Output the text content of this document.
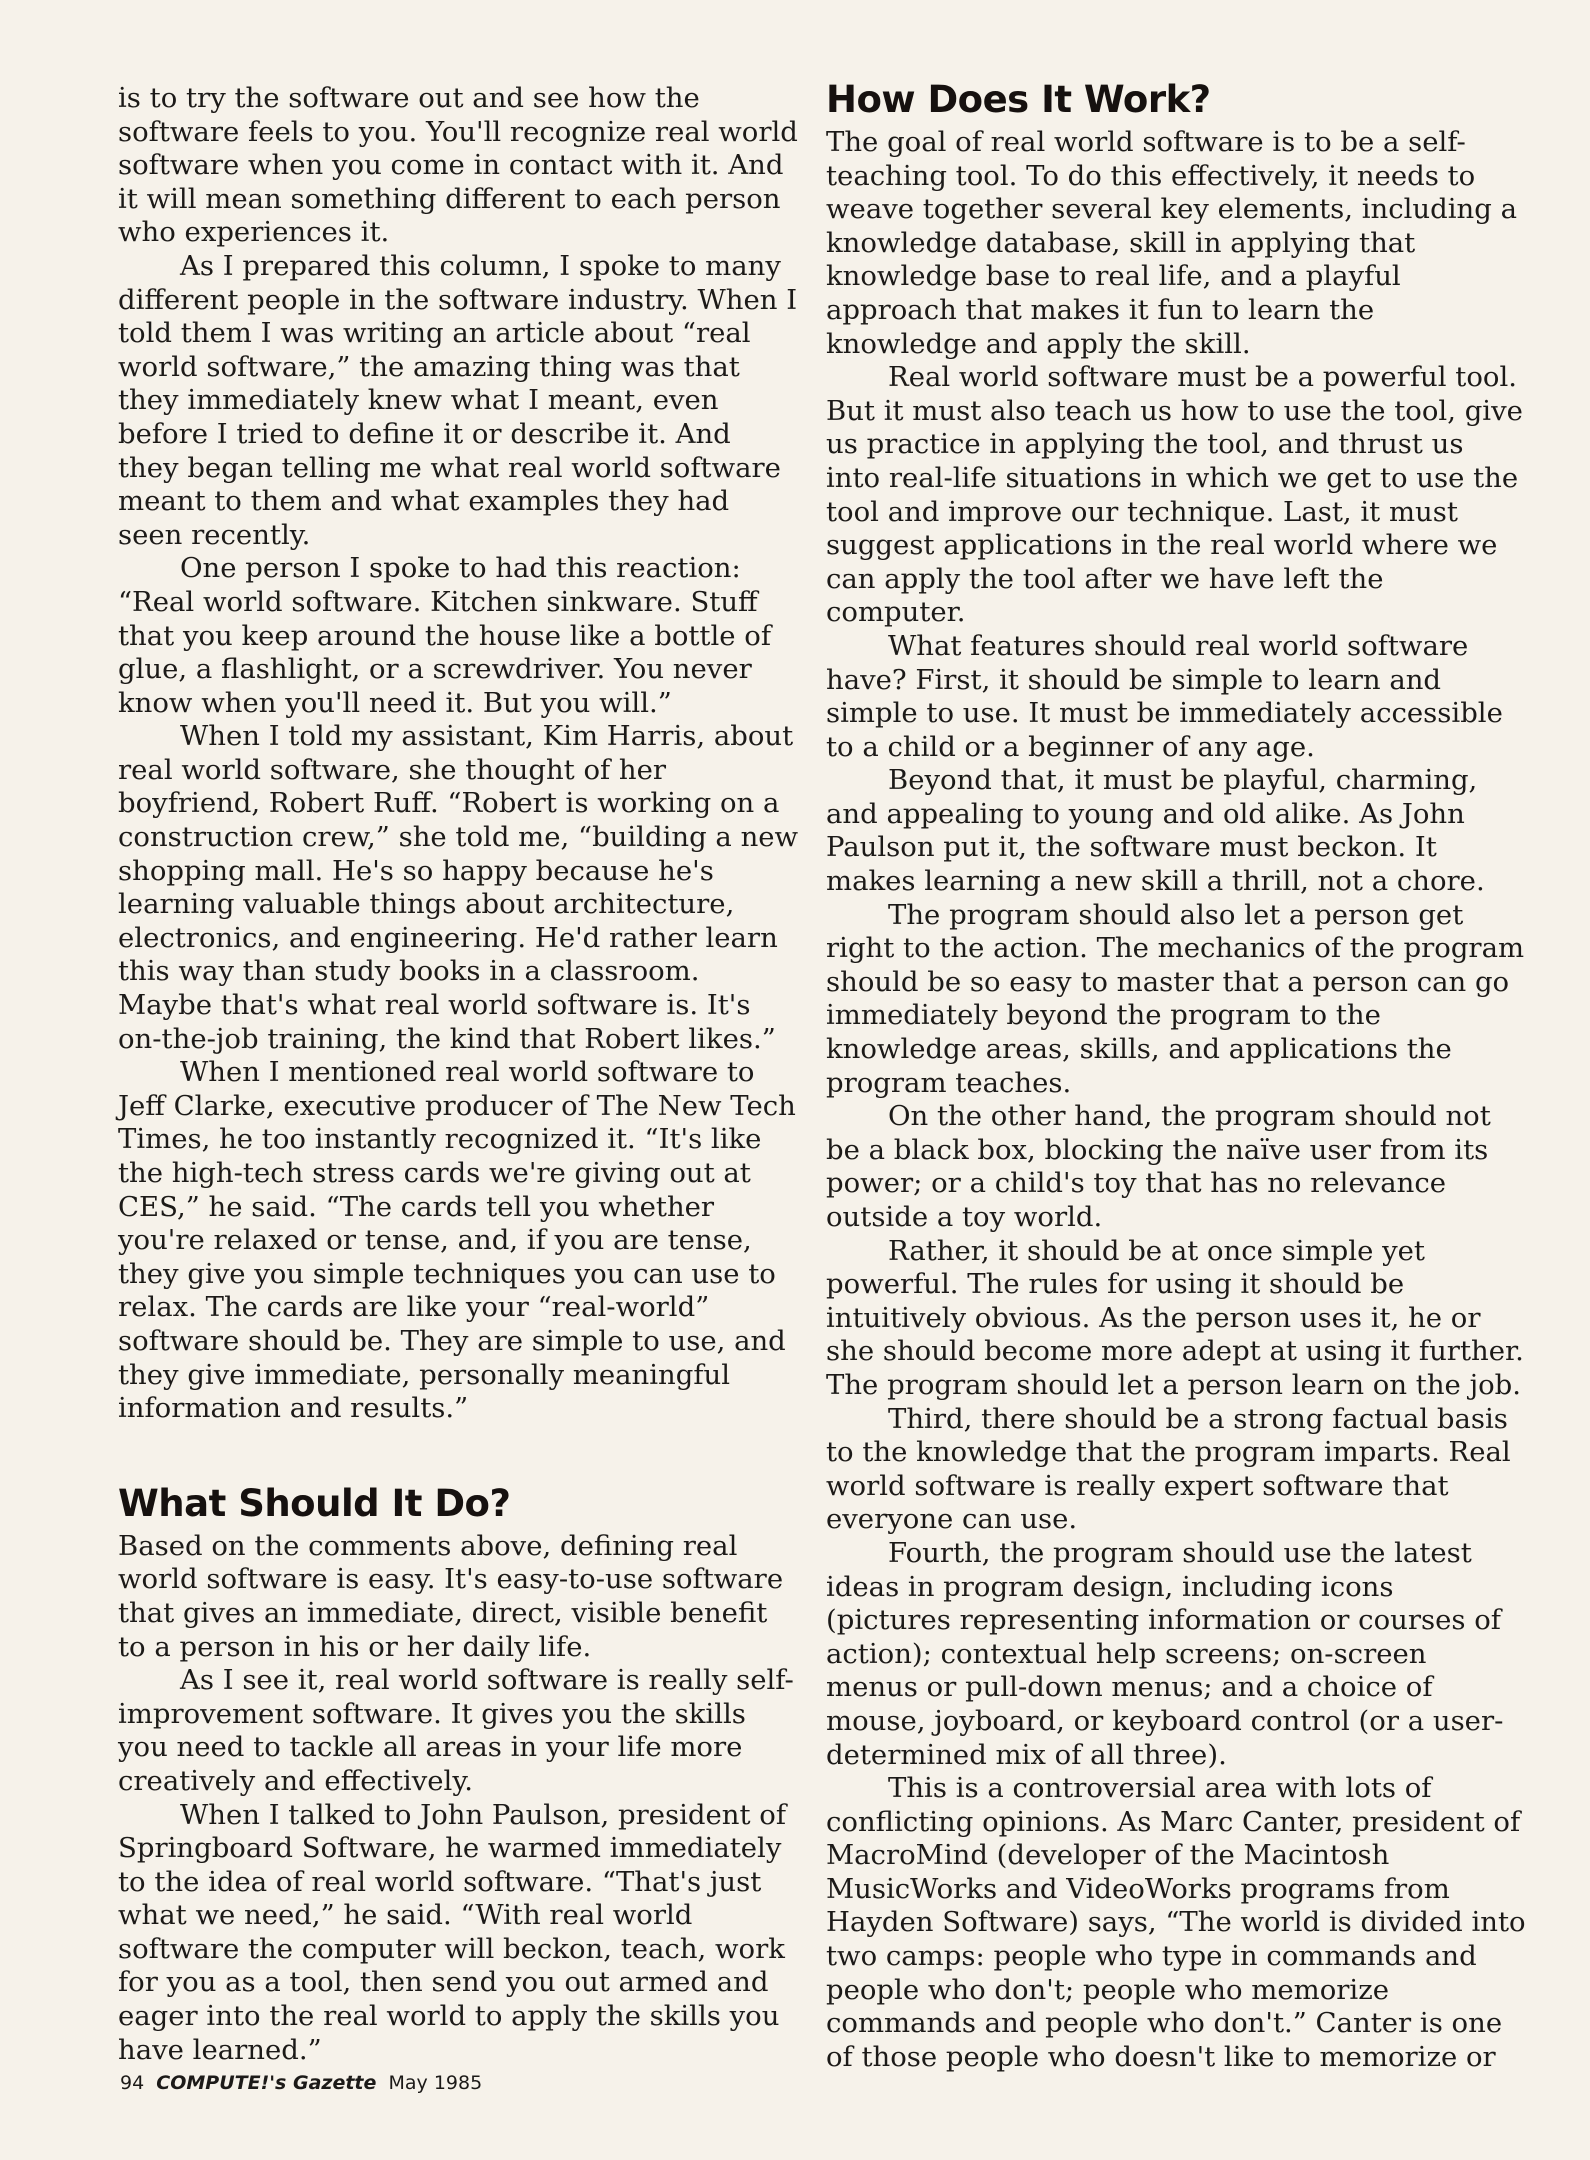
is to try the software out and see how the software feels to you. You'll recognize real world software when you come in contact with it. And it will mean something different to each person who experiences it.

As I prepared this column, I spoke to many different people in the software industry. When I told them I was writing an article about “real world software,” the amazing thing was that they immediately knew what I meant, even before I tried to define it or describe it. And they began telling me what real world software meant to them and what examples they had seen recently.

One person I spoke to had this reaction: “Real world software. Kitchen sinkware. Stuff that you keep around the house like a bottle of glue, a flashlight, or a screwdriver. You never know when you'll need it. But you will.”

When I told my assistant, Kim Harris, about real world software, she thought of her boyfriend, Robert Ruff. “Robert is working on a construction crew,” she told me, “building a new shopping mall. He's so happy because he's learning valuable things about architecture, electronics, and engineering. He'd rather learn this way than study books in a classroom. Maybe that's what real world software is. It's on-the-job training, the kind that Robert likes.”

When I mentioned real world software to Jeff Clarke, executive producer of The New Tech Times, he too instantly recognized it. “It's like the high-tech stress cards we're giving out at CES,” he said. “The cards tell you whether you're relaxed or tense, and, if you are tense, they give you simple techniques you can use to relax. The cards are like your “real-world” software should be. They are simple to use, and they give immediate, personally meaningful information and results.”

What Should It Do?

Based on the comments above, defining real world software is easy. It's easy-to-use software that gives an immediate, direct, visible benefit to a person in his or her daily life.

As I see it, real world software is really self-improvement software. It gives you the skills you need to tackle all areas in your life more creatively and effectively.

When I talked to John Paulson, president of Springboard Software, he warmed immediately to the idea of real world software. “That's just what we need,” he said. “With real world software the computer will beckon, teach, work for you as a tool, then send you out armed and eager into the real world to apply the skills you have learned.”

How Does It Work?

The goal of real world software is to be a self-teaching tool. To do this effectively, it needs to weave together several key elements, including a knowledge database, skill in applying that knowledge base to real life, and a playful approach that makes it fun to learn the knowledge and apply the skill.

Real world software must be a powerful tool. But it must also teach us how to use the tool, give us practice in applying the tool, and thrust us into real-life situations in which we get to use the tool and improve our technique. Last, it must suggest applications in the real world where we can apply the tool after we have left the computer.

What features should real world software have? First, it should be simple to learn and simple to use. It must be immediately accessible to a child or a beginner of any age.

Beyond that, it must be playful, charming, and appealing to young and old alike. As John Paulson put it, the software must beckon. It makes learning a new skill a thrill, not a chore.

The program should also let a person get right to the action. The mechanics of the program should be so easy to master that a person can go immediately beyond the program to the knowledge areas, skills, and applications the program teaches.

On the other hand, the program should not be a black box, blocking the naïve user from its power; or a child's toy that has no relevance outside a toy world.

Rather, it should be at once simple yet powerful. The rules for using it should be intuitively obvious. As the person uses it, he or she should become more adept at using it further. The program should let a person learn on the job.

Third, there should be a strong factual basis to the knowledge that the program imparts. Real world software is really expert software that everyone can use.

Fourth, the program should use the latest ideas in program design, including icons (pictures representing information or courses of action); contextual help screens; on-screen menus or pull-down menus; and a choice of mouse, joyboard, or keyboard control (or a user-determined mix of all three).

This is a controversial area with lots of conflicting opinions. As Marc Canter, president of MacroMind (developer of the Macintosh MusicWorks and VideoWorks programs from Hayden Software) says, “The world is divided into two camps: people who type in commands and people who don't; people who memorize commands and people who don't.” Canter is one of those people who doesn't like to memorize or

94 COMPUTE!'s Gazette May 1985
